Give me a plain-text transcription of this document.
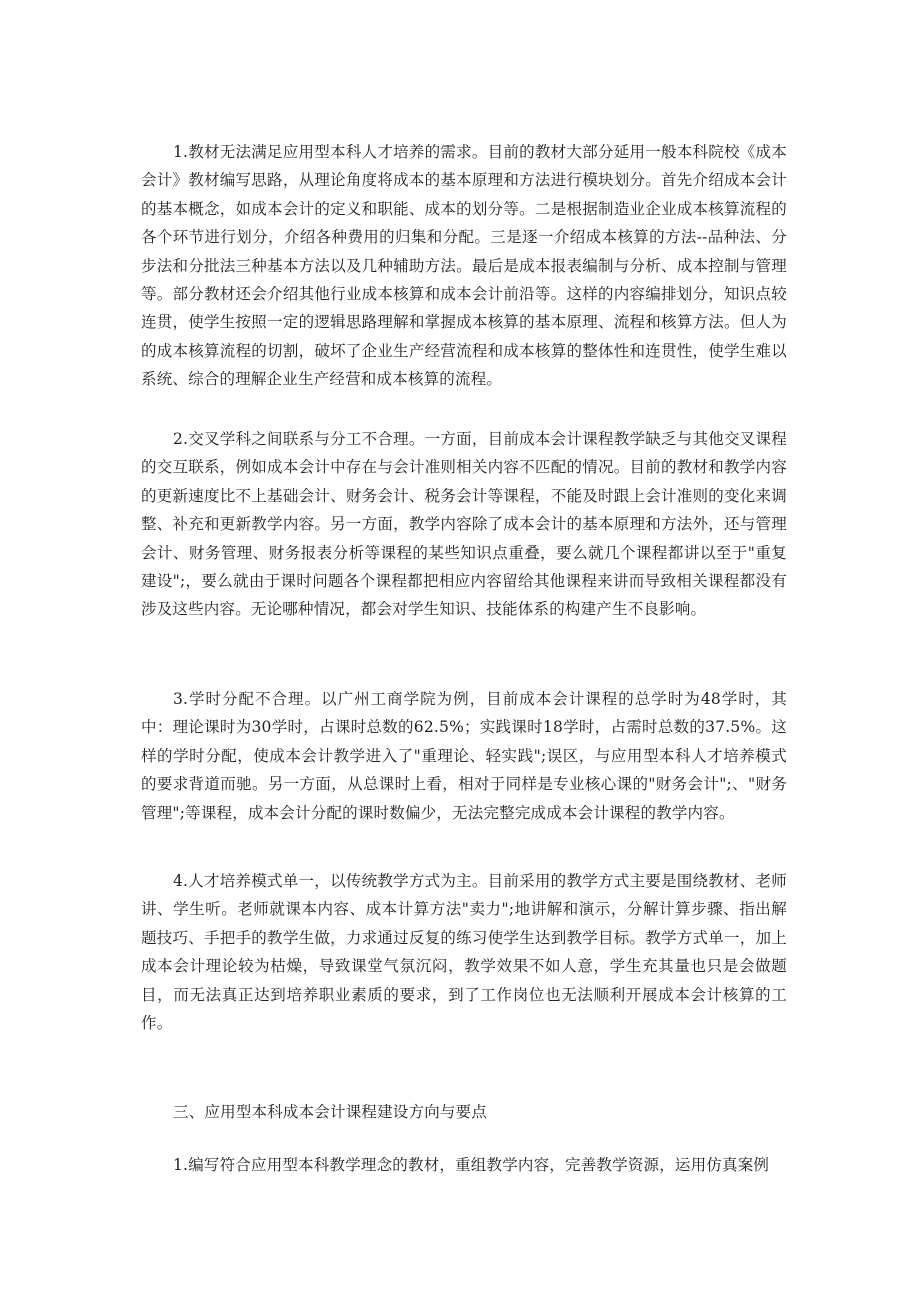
1.教材无法满足应用型本科人才培养的需求。目前的教材大部分延用一般本科院校《成本会计》教材编写思路，从理论角度将成本的基本原理和方法进行模块划分。首先介绍成本会计的基本概念，如成本会计的定义和职能、成本的划分等。二是根据制造业企业成本核算流程的各个环节进行划分，介绍各种费用的归集和分配。三是逐一介绍成本核算的方法--品种法、分步法和分批法三种基本方法以及几种辅助方法。最后是成本报表编制与分析、成本控制与管理等。部分教材还会介绍其他行业成本核算和成本会计前沿等。这样的内容编排划分，知识点较连贯，使学生按照一定的逻辑思路理解和掌握成本核算的基本原理、流程和核算方法。但人为的成本核算流程的切割，破坏了企业生产经营流程和成本核算的整体性和连贯性，使学生难以系统、综合的理解企业生产经营和成本核算的流程。

2.交叉学科之间联系与分工不合理。一方面，目前成本会计课程教学缺乏与其他交叉课程的交互联系，例如成本会计中存在与会计准则相关内容不匹配的情况。目前的教材和教学内容的更新速度比不上基础会计、财务会计、税务会计等课程，不能及时跟上会计准则的变化来调整、补充和更新教学内容。另一方面，教学内容除了成本会计的基本原理和方法外，还与管理会计、财务管理、财务报表分析等课程的某些知识点重叠，要么就几个课程都讲以至于"重复建设";，要么就由于课时问题各个课程都把相应内容留给其他课程来讲而导致相关课程都没有涉及这些内容。无论哪种情况，都会对学生知识、技能体系的构建产生不良影响。

3.学时分配不合理。以广州工商学院为例，目前成本会计课程的总学时为48学时，其中：理论课时为30学时，占课时总数的62.5%；实践课时18学时，占需时总数的37.5%。这样的学时分配，使成本会计教学进入了"重理论、轻实践";误区，与应用型本科人才培养模式的要求背道而驰。另一方面，从总课时上看，相对于同样是专业核心课的"财务会计";、"财务管理";等课程，成本会计分配的课时数偏少，无法完整完成成本会计课程的教学内容。

4.人才培养模式单一，以传统教学方式为主。目前采用的教学方式主要是围绕教材、老师讲、学生听。老师就课本内容、成本计算方法"卖力";地讲解和演示，分解计算步骤、指出解题技巧、手把手的教学生做，力求通过反复的练习使学生达到教学目标。教学方式单一，加上成本会计理论较为枯燥，导致课堂气氛沉闷，教学效果不如人意，学生充其量也只是会做题目，而无法真正达到培养职业素质的要求，到了工作岗位也无法顺利开展成本会计核算的工作。

三、应用型本科成本会计课程建设方向与要点

1.编写符合应用型本科教学理念的教材，重组教学内容，完善教学资源，运用仿真案例
